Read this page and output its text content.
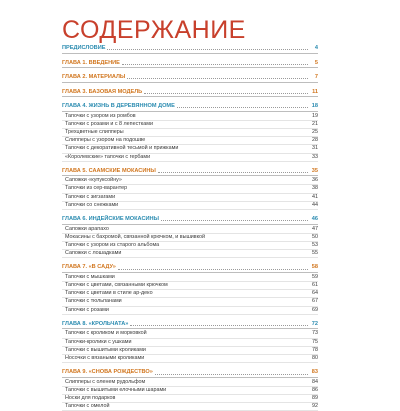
СОДЕРЖАНИЕ
ПРЕДИСЛОВИЕ	4
ГЛАВА 1. ВВЕДЕНИЕ	5
ГЛАВА 2. МАТЕРИАЛЫ	7
ГЛАВА 3. БАЗОВАЯ МОДЕЛЬ	11
ГЛАВА 4. ЖИЗНЬ В ДЕРЕВЯННОМ ДОМЕ	18
Тапочки с узором из ромбов	19
Тапочки с розами и с 8 лепестками	21
Трехцветные слипперы	25
Слипперы с узором на подошве	28
Тапочки с декоративной тесьмой и прижками	31
«Королевские» тапочки с гербами	33
ГЛАВА 5. СААМСКИЕ МОКАСИНЫ	35
Сапожки «купуксойну»	36
Тапочки из сер-варантер	38
Тапочки с зигзагами	41
Тапочки со снежками	44
ГЛАВА 6. ИНДЕЙСКИЕ МОКАСИНЫ	46
Сапожки арапахо	47
Мокасины с бахромой, связанной крючком, и вышивкой	50
Тапочки с узором из старого альбома	53
Сапожки с лошадками	55
ГЛАВА 7. «В САДУ»	58
Тапочки с мышками	59
Тапочки с цветами, связанными крючком	61
Тапочки с цветами в стиле ар-деко	64
Тапочки с тюльпанами	67
Тапочки с розами	69
ГЛАВА 8. «КРОЛЬЧАТА»	72
Тапочки с кроликом и морковкой	73
Тапочки-кролики с ушками	75
Тапочки с вышитыми кроликами	78
Носочки с вязаными кроликами	80
ГЛАВА 9. «СНОВА РОЖДЕСТВО»	83
Слипперы с оленем рудольфом	84
Тапочки с вышитыми елочными шарами	86
Носки для подарков	89
Тапочки с омелой	92
